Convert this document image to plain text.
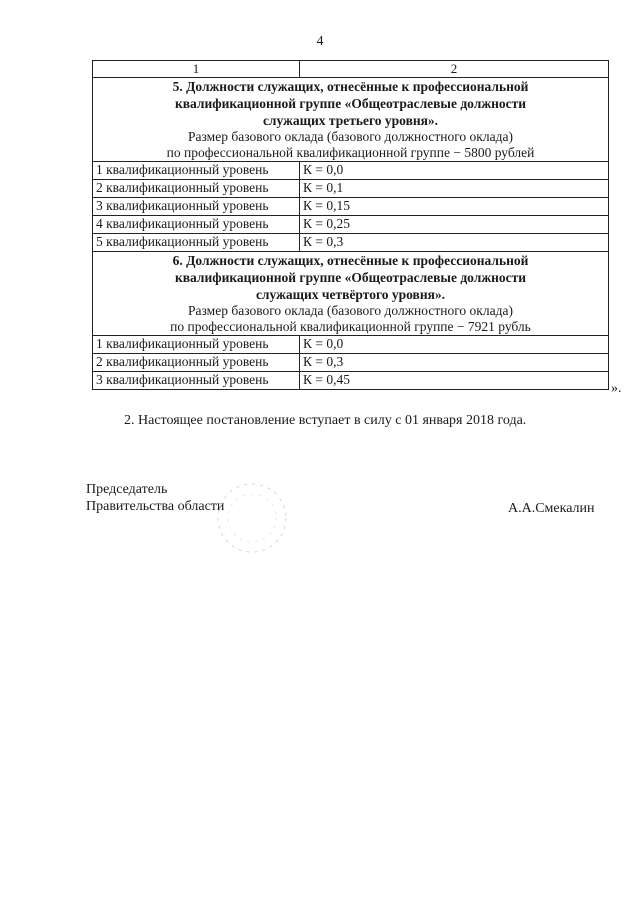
4
1	2

5. Должности служащих, отнесённые к профессиональной
квалификационной группе «Общеотраслевые должности
служащих третьего уровня».
Размер базового оклада (базового должностного оклада)
по профессиональной квалификационной группе − 5800 рублей	

1 квалификационный уровень	К = 0,0
2 квалификационный уровень	К = 0,1
3 квалификационный уровень	К = 0,15
4 квалификационный уровень	К = 0,25
5 квалификационный уровень	К = 0,3

6. Должности служащих, отнесённые к профессиональной
квалификационной группе «Общеотраслевые должности
служащих четвёртого уровня».
Размер базового оклада (базового должностного оклада)
по профессиональной квалификационной группе − 7921 рубль	

1 квалификационный уровень	К = 0,0
2 квалификационный уровень	К = 0,3
3 квалификационный уровень	К = 0,45
».
2. Настоящее постановление вступает в силу с 01 января 2018 года.
Председатель
Правительства области	А.А.Смекалин
